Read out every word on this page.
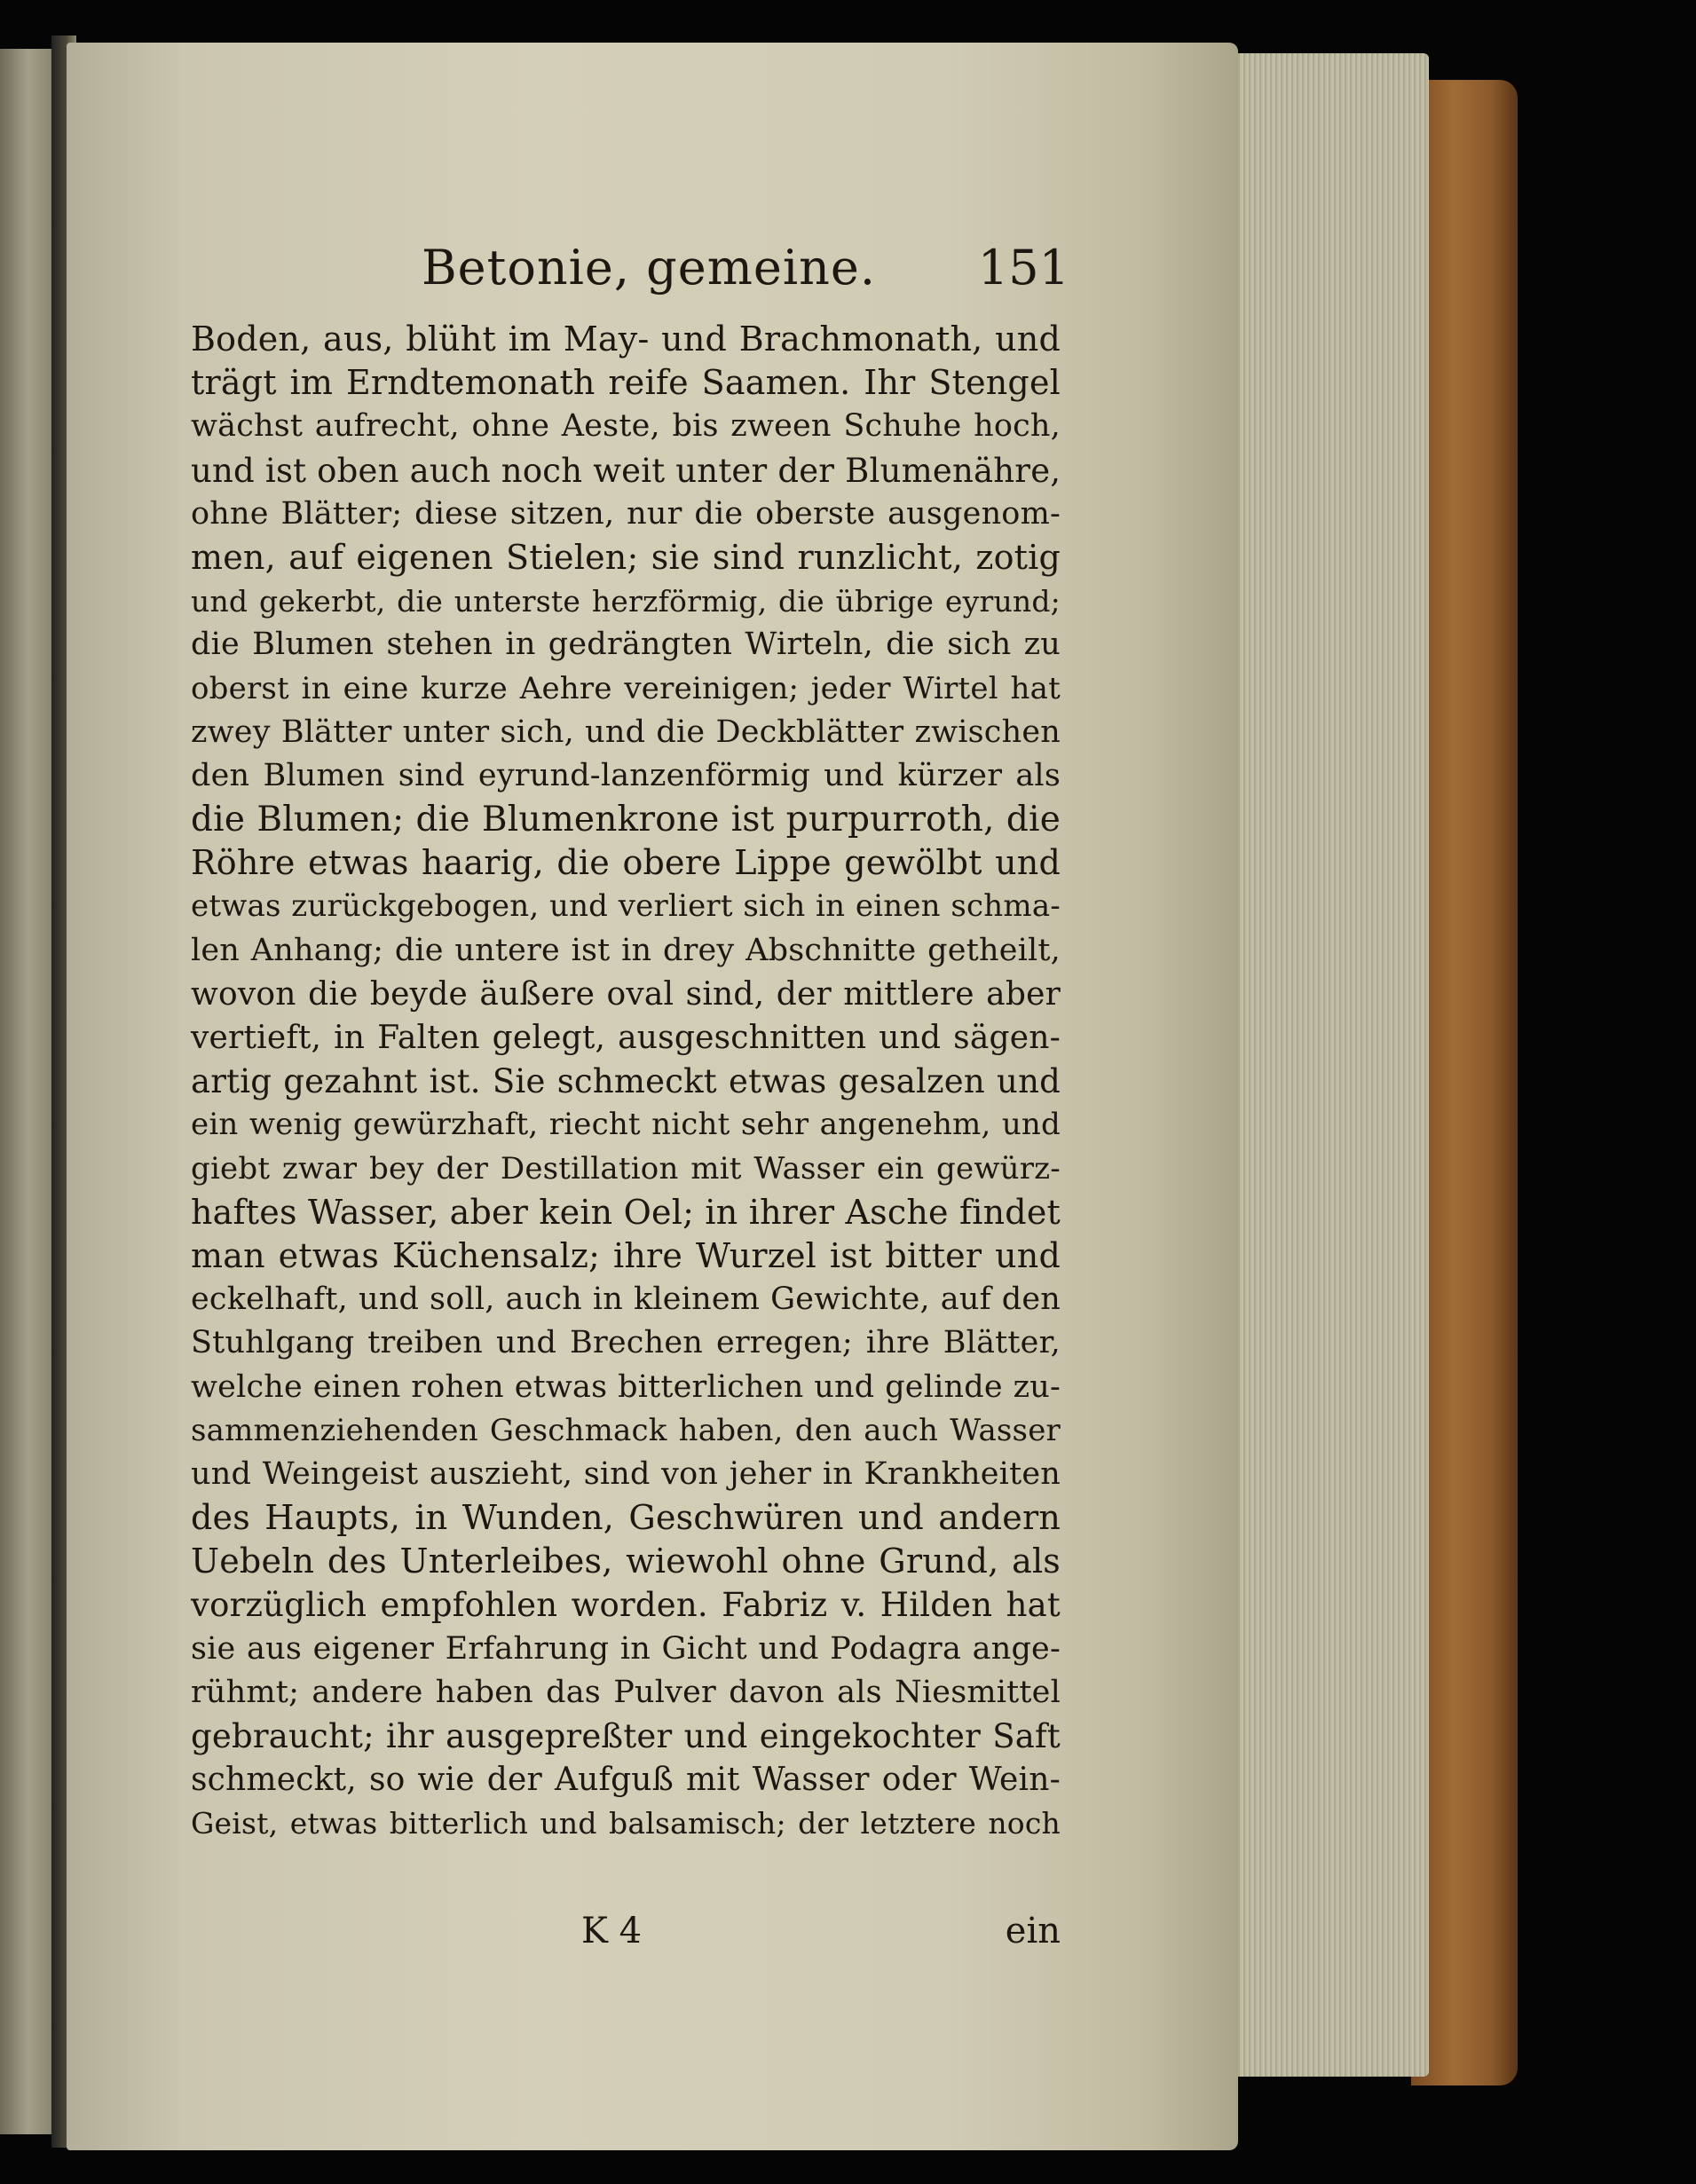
Betonie, gemeine. 151
Boden, aus, blüht im May- und Brachmonath, und
trägt im Erndtemonath reife Saamen. Ihr Stengel
wächst aufrecht, ohne Aeste, bis zween Schuhe hoch,
und ist oben auch noch weit unter der Blumenähre,
ohne Blätter; diese sitzen, nur die oberste ausgenom-
men, auf eigenen Stielen; sie sind runzlicht, zotig
und gekerbt, die unterste herzförmig, die übrige eyrund;
die Blumen stehen in gedrängten Wirteln, die sich zu
oberst in eine kurze Aehre vereinigen; jeder Wirtel hat
zwey Blätter unter sich, und die Deckblätter zwischen
den Blumen sind eyrund-lanzenförmig und kürzer als
die Blumen; die Blumenkrone ist purpurroth, die
Röhre etwas haarig, die obere Lippe gewölbt und
etwas zurückgebogen, und verliert sich in einen schma-
len Anhang; die untere ist in drey Abschnitte getheilt,
wovon die beyde äußere oval sind, der mittlere aber
vertieft, in Falten gelegt, ausgeschnitten und sägen-
artig gezahnt ist. Sie schmeckt etwas gesalzen und
ein wenig gewürzhaft, riecht nicht sehr angenehm, und
giebt zwar bey der Destillation mit Wasser ein gewürz-
haftes Wasser, aber kein Oel; in ihrer Asche findet
man etwas Küchensalz; ihre Wurzel ist bitter und
eckelhaft, und soll, auch in kleinem Gewichte, auf den
Stuhlgang treiben und Brechen erregen; ihre Blätter,
welche einen rohen etwas bitterlichen und gelinde zu-
sammenziehenden Geschmack haben, den auch Wasser
und Weingeist auszieht, sind von jeher in Krankheiten
des Haupts, in Wunden, Geschwüren und andern
Uebeln des Unterleibes, wiewohl ohne Grund, als
vorzüglich empfohlen worden. Fabriz v. Hilden hat
sie aus eigener Erfahrung in Gicht und Podagra ange-
rühmt; andere haben das Pulver davon als Niesmittel
gebraucht; ihr ausgepreßter und eingekochter Saft
schmeckt, so wie der Aufguß mit Wasser oder Wein-
Geist, etwas bitterlich und balsamisch; der letztere noch
K 4	ein
